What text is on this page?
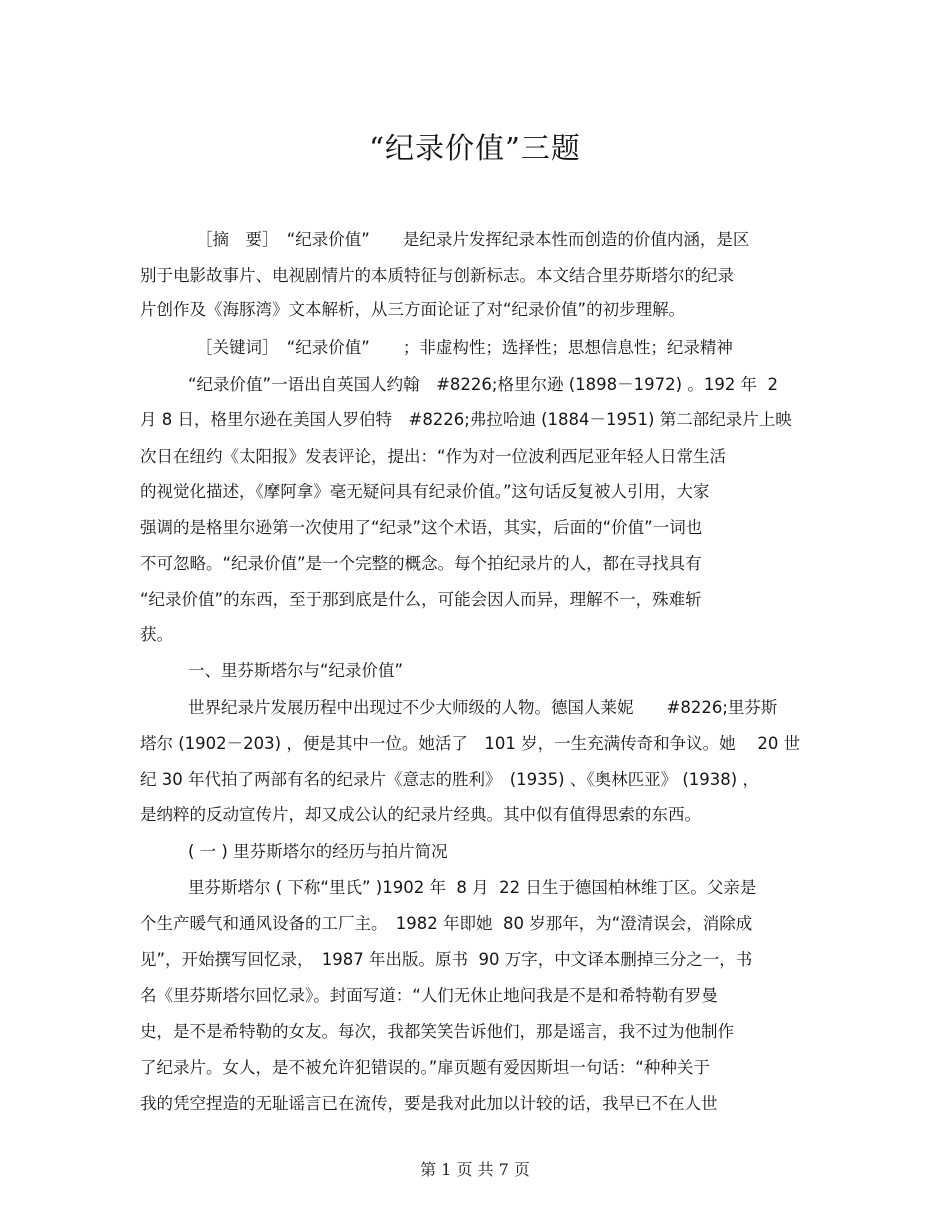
“纪录价值”三题
［摘　要］　“纪录价值”　　是纪录片发挥纪录本性而创造的价值内涵，是区
别于电影故事片、电视剧情片的本质特征与创新标志。本文结合里芬斯塔尔的纪录
片创作及《海豚湾》文本解析，从三方面论证了对“纪录价值”的初步理解。
［关键词］　“纪录价值”　　；非虚构性；选择性；思想信息性；纪录精神
“纪录价值”一语出自英国人约翰　#8226;格里尔逊 (1898－1972) 。192 年  2
月 8 日，格里尔逊在美国人罗伯特　#8226;弗拉哈迪 (1884－1951) 第二部纪录片上映
次日在纽约《太阳报》发表评论，提出：“作为对一位波利西尼亚年轻人日常生活
的视觉化描述，《摩阿拿》毫无疑问具有纪录价值。”这句话反复被人引用，大家
强调的是格里尔逊第一次使用了“纪录”这个术语，其实，后面的“价值”一词也
不可忽略。“纪录价值”是一个完整的概念。每个拍纪录片的人，都在寻找具有
“纪录价值”的东西，至于那到底是什么，可能会因人而异，理解不一，殊难斩
获。
一、里芬斯塔尔与“纪录价值”
世界纪录片发展历程中出现过不少大师级的人物。德国人莱妮　　#8226;里芬斯
塔尔 (1902－203) ，便是其中一位。她活了　101 岁，一生充满传奇和争议。她　 20 世
纪 30 年代拍了两部有名的纪录片《意志的胜利》　(1935) 、《奥林匹亚》 (1938) ，
是纳粹的反动宣传片，却又成公认的纪录片经典。其中似有值得思索的东西。
( 一 ) 里芬斯塔尔的经历与拍片简况
里芬斯塔尔 ( 下称“里氏” )1902 年  8 月  22 日生于德国柏林维丁区。父亲是
个生产暖气和通风设备的工厂主。　1982 年即她  80 岁那年，为“澄清误会，消除成
见”，开始撰写回忆录，　1987 年出版。原书  90 万字，中文译本删掉三分之一，书
名《里芬斯塔尔回忆录》。封面写道：“人们无休止地问我是不是和希特勒有罗曼
史，是不是希特勒的女友。每次，我都笑笑告诉他们，那是谣言，我不过为他制作
了纪录片。女人，是不被允许犯错误的。”扉页题有爱因斯坦一句话：“种种关于
我的凭空捏造的无耻谣言已在流传，要是我对此加以计较的话，我早已不在人世
第 1 页 共 7 页
